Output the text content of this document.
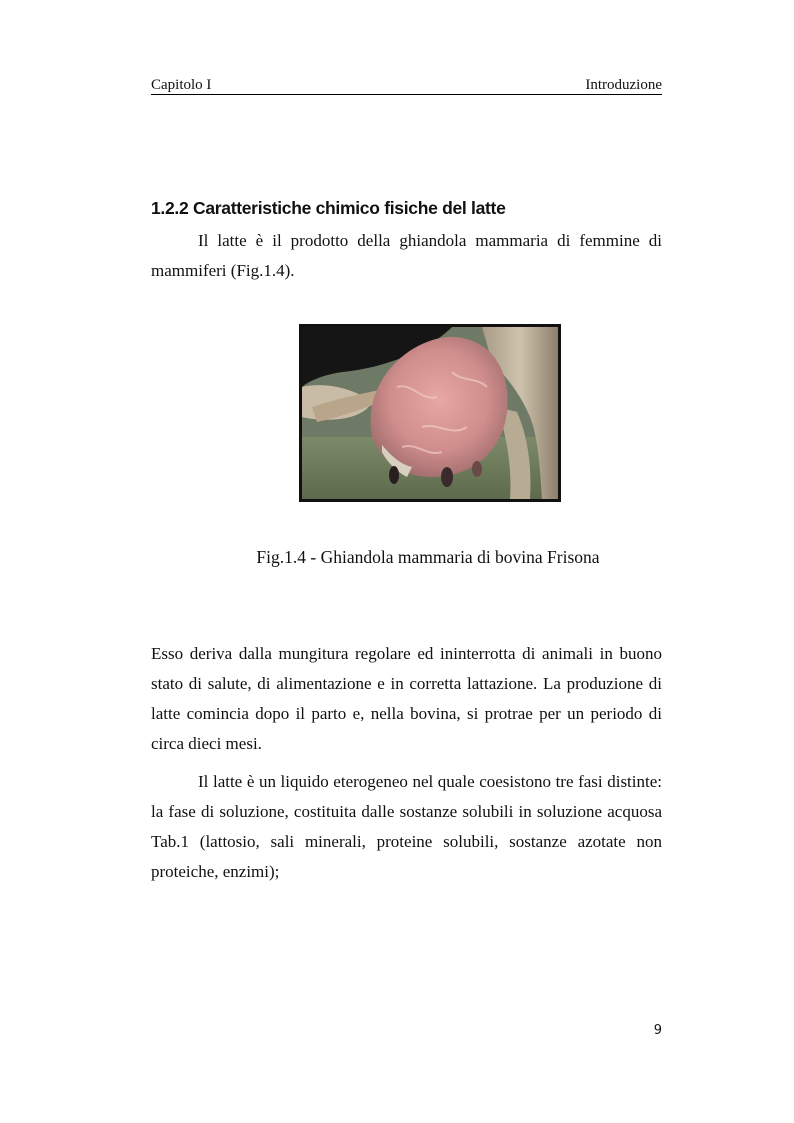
Capitolo I	Introduzione
1.2.2 Caratteristiche chimico fisiche del latte

Il latte è il prodotto della ghiandola mammaria di femmine di mammiferi (Fig.1.4).

Fig.1.4 - Ghiandola mammaria di bovina Frisona

Esso deriva dalla mungitura regolare ed ininterrotta di animali in buono stato di salute, di alimentazione e in corretta lattazione. La produzione di latte comincia dopo il parto e, nella bovina, si protrae per un periodo di circa dieci mesi.

Il latte è un liquido eterogeneo nel quale coesistono tre fasi distinte: la fase di soluzione, costituita dalle sostanze solubili in soluzione acquosa Tab.1 (lattosio, sali minerali, proteine solubili, sostanze azotate non proteiche, enzimi);

9
